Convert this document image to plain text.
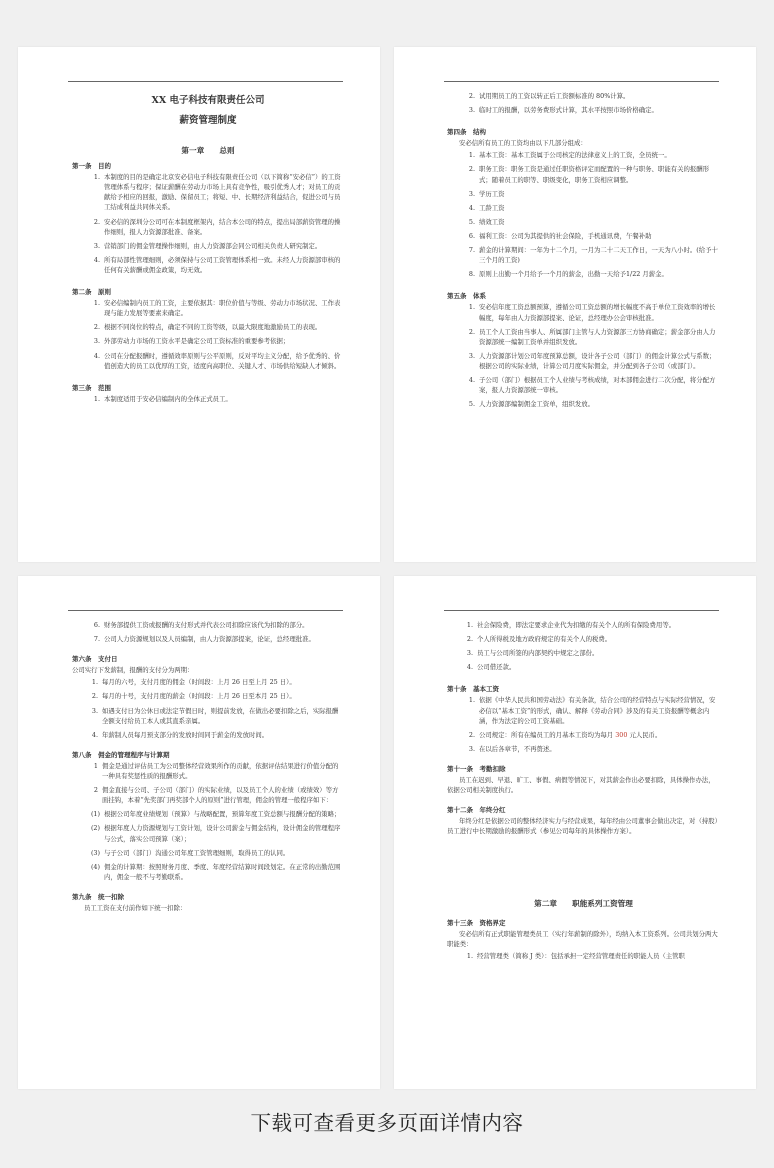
XX 电子科技有限责任公司
薪资管理制度
第一章　　总则
第一条　目的
1. 本制度的目的是确定北京安必信电子科技有限责任公司（以下简称“安必信”）的工资管理体系与程序；保证薪酬在劳动力市场上具有竞争性，吸引优秀人才；对员工的贡献给予相应的回报，激励、保留员工；将短、中、长期经济利益结合，促进公司与员工结成利益共同体关系。
2. 安必信的深圳分公司可在本制度框架内，结合本公司的特点，提出局部薪资管理的操作细则，报人力资源部批准、备案。
3. 营销部门的佣金管理操作细则，由人力资源部会同公司相关负责人研究制定。
4. 所有局部性管理细则，必须保持与公司工资管理体系相一致。未经人力资源部审核的任何有关薪酬或佣金政策，均无效。
第二条　原则
1. 安必信编制内员工的工资，主要依据其：职位价值与等级、劳动力市场状况、工作表现与能力发展等要素来确定。
2. 根据不同岗位的特点，确定不同的工资等级，以最大限度地激励员工的表现。
3. 外部劳动力市场的工资水平是确定公司工资标准的重要参考依据；
4. 公司在分配报酬时，遵循效率原则与公平原则，反对平均主义分配，给予优秀的、价值创造大的员工以优厚的工资，适度向高职位、关键人才、市场供给短缺人才倾斜。
第三条　范围
1. 本制度适用于安必信编制内的全体正式员工。
2. 试用期员工的工资以转正后工资额标准的 80%计算。
3. 临时工的报酬，以劳务费形式计算，其水平按照市场价格确定。
第四条　结构
安必信所有员工的工资均由以下几部分组成：
1. 基本工资：基本工资属于公司核定的法律意义上的工资，全员统一。
2. 职务工资：职务工资是通过任职资格评定而配置的一种与职务、职能有关的报酬形式；随着员工的职等、职级变化，职务工资相应调整。
3. 学历工资
4. 工龄工资
5. 绩效工资
6. 福利工资：公司为其提供的社会保险，手机通讯费，午餐补助
7. 薪金的计算期间：一年为十二个月，一月为二十二天工作日，一天为八小时。(给予十三个月的工资)
8. 原则上出勤一个月给予一个月的薪金，出勤一天给予1/22 月薪金。
第五条　体系
1. 安必信年度工资总额预算，遵循公司工资总额的增长幅度不高于单位工资效率的增长幅度，每年由人力资源部提案、论证，总经理办公会审核批准。
2. 员工个人工资由当事人、所属部门主管与人力资源部三方协商确定；薪金部分由人力资源部统一编制工资单并组织发放。
3. 人力资源部计划公司年度预算总额，设计各子公司（部门）的佣金计算公式与系数；根据公司的实际业绩，计算公司月度实际佣金，并分配到各子公司（或部门）。
4. 子公司（部门）根据员工个人业绩与考核成绩，对本部佣金进行二次分配，将分配方案，报人力资源部统一审核。
5. 人力资源部编制佣金工资单，组织发放。
6. 财务部提供工资或报酬的支付形式并代表公司扣除应该代为扣除的部分。
7. 公司人力资源规划以及人员编制，由人力资源部提案，论证，总经理批准。
第六条　支付日
公司实行下发薪制，报酬的支付分为两期：
1. 每月的六号，支付月度的佣金（时间段：上月 26 日至上月 25 日）。
2. 每月的十号，支付月度的薪金（时间段：上月 26 日至本月 25 日）。
3. 如遇支付日为公休日或法定节假日时，则提前发放，在做出必要扣除之后，实际报酬全额支付给员工本人或其直系亲属。
4. 年薪制人员每月预支部分的发放时间同于薪金的发放时间。
第八条　佣金的管理程序与计算期
1 佣金是通过评估员工为公司整体经营效果所作的贡献，依据评估结果进行价值分配的一种具有奖惩性质的报酬形式。
2 佣金直接与公司、子公司（部门）的实际业绩，以及员工个人的业绩（或绩效）等方面挂钩，本着“先奖部门再奖部个人的原则”进行管理，佣金的管理一般程序如下：
(1) 根据公司年度业绩规划（预算）与战略配置，预算年度工资总额与报酬分配的策略；
(2) 根据年度人力资源规划与工资计划，设计公司薪金与佣金结构，设计佣金的管理程序与公式，落实公司预算（案）；
(3) 与子公司（部门）沟通公司年度工资管理细则，取得员工的认同。
(4) 佣金的计算期：按照财务月度、季度、年度经营结算时间段划定。在正常的出勤范围内，佣金一般不与考勤联系。
第九条　统一扣除
员工工资在支付前作如下统一扣除：
1. 社会保险费，即法定要求企业代为扣缴的有关个人的所有保险费用等。
2. 个人所得税及地方政府规定的有关个人的税费。
3. 员工与公司所签的内部契约中规定之部份。
4. 公司借还款。
第十条　基本工资
1. 依据《中华人民共和国劳动法》有关条款，结合公司的经营特点与实际经营情况，安必信以“基本工资”的形式，确认、解释《劳动合同》涉及的有关工资报酬等概念内涵，作为法定的公司工资基础。
2. 公司规定：所有在编员工的月基本工资均为每月 300 元人民币。
3. 在以后各章节，不再赘述。
第十一条　考勤扣除
员工在迟到、早退、旷工、事假、病假等情况下，对其薪金作出必要扣除，具体操作办法，依据公司相关制度执行。
第十二条　年终分红
年终分红是依据公司的整体经济实力与经营成果，每年经由公司董事会做出决定，对（持股）员工进行中长期激励的报酬形式（参见公司每年的具体操作方案）。
第二章　　职能系列工资管理
第十三条　资格界定
安必信所有正式职能管理类员工（实行年薪制的除外），均纳入本工资系列。公司共划分两大职能类：
1. 经营管理类（简称 J 类）：包括承担一定经营管理责任的职能人员（主管职
下载可查看更多页面详情内容
